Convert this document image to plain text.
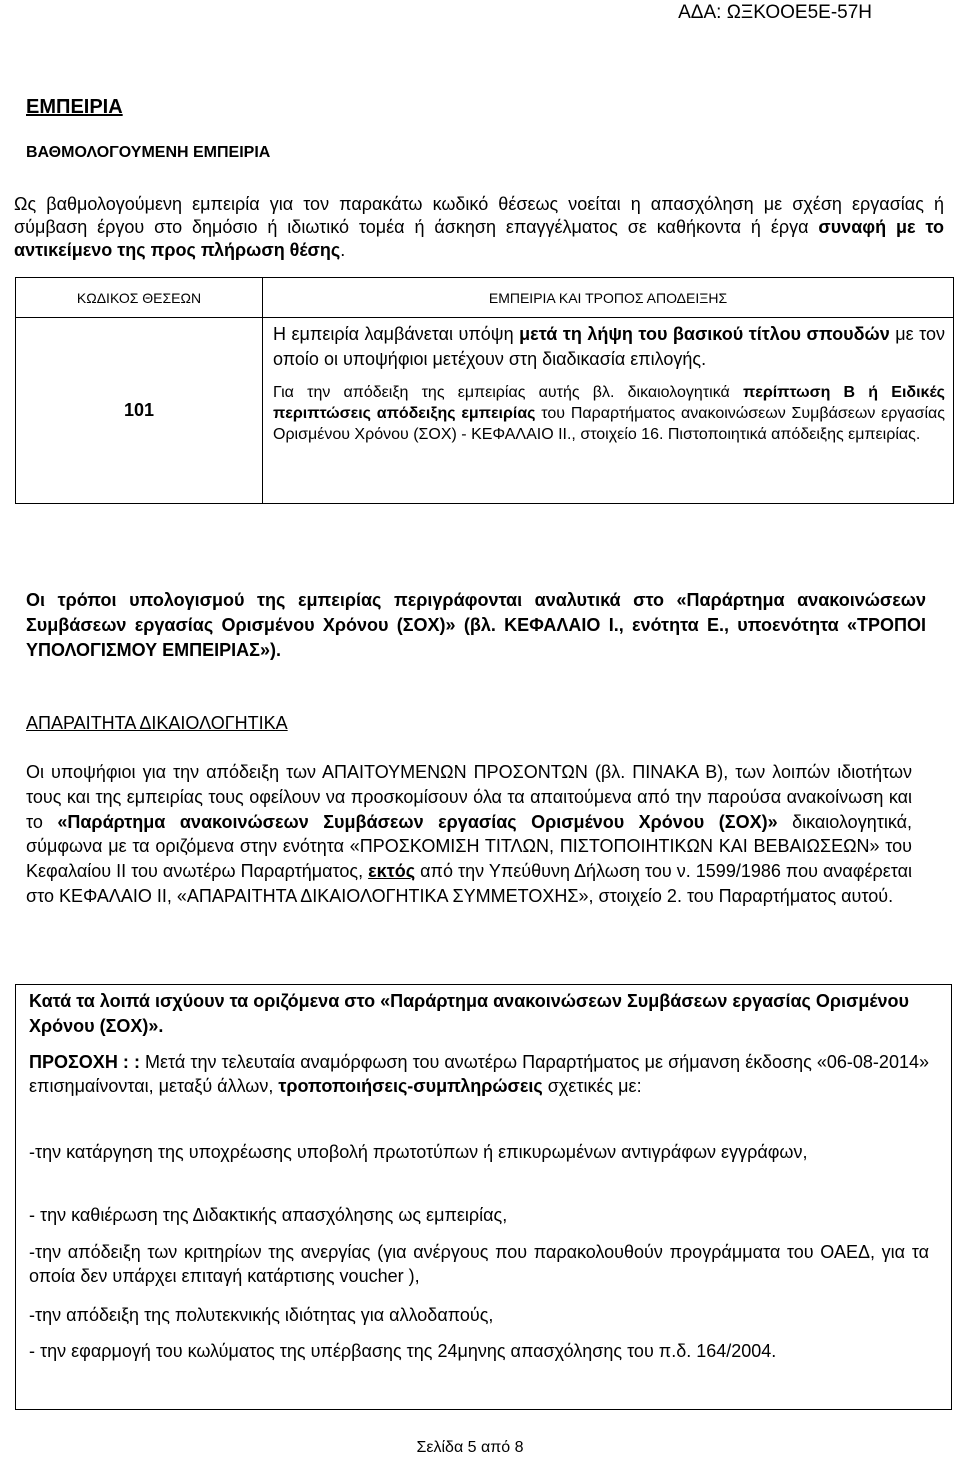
ΑΔΑ: ΩΞΚΟΟΕ5Ε-57Η
ΕΜΠΕΙΡΙΑ
ΒΑΘΜΟΛΟΓΟΥΜΕΝΗ ΕΜΠΕΙΡΙΑ
Ως βαθμολογούμενη εμπειρία για τον παρακάτω κωδικό θέσεως νοείται η απασχόληση με σχέση εργασίας ή σύμβαση έργου στο δημόσιο ή ιδιωτικό τομέα ή άσκηση επαγγέλματος σε καθήκοντα ή έργα συναφή με το αντικείμενο της προς πλήρωση θέσης.
ΚΩΔΙΚΟΣ ΘΕΣΕΩΝ	ΕΜΠΕΙΡΙΑ ΚΑΙ ΤΡΟΠΟΣ ΑΠΟΔΕΙΞΗΣ
101	Η εμπειρία λαμβάνεται υπόψη μετά τη λήψη του βασικού τίτλου σπουδών με τον οποίο οι υποψήφιοι μετέχουν στη διαδικασία επιλογής.
Για την απόδειξη της εμπειρίας αυτής βλ. δικαιολογητικά περίπτωση Β ή Ειδικές περιπτώσεις απόδειξης εμπειρίας του Παραρτήματος ανακοινώσεων Συμβάσεων εργασίας Ορισμένου Χρόνου (ΣΟΧ) - ΚΕΦΑΛΑΙΟ ΙΙ., στοιχείο 16. Πιστοποιητικά απόδειξης εμπειρίας.
Οι τρόποι υπολογισμού της εμπειρίας περιγράφονται αναλυτικά στο «Παράρτημα ανακοινώσεων Συμβάσεων εργασίας Ορισμένου Χρόνου (ΣΟΧ)» (βλ. ΚΕΦΑΛΑΙΟ Ι., ενότητα Ε., υποενότητα «ΤΡΟΠΟΙ ΥΠΟΛΟΓΙΣΜΟΥ ΕΜΠΕΙΡΙΑΣ»).
ΑΠΑΡΑΙΤΗΤΑ ΔΙΚΑΙΟΛΟΓΗΤΙΚΑ
Οι υποψήφιοι για την απόδειξη των ΑΠΑΙΤΟΥΜΕΝΩΝ ΠΡΟΣΟΝΤΩΝ (βλ. ΠΙΝΑΚΑ Β), των λοιπών ιδιοτήτων τους και της εμπειρίας τους οφείλουν να προσκομίσουν όλα τα απαιτούμενα από την παρούσα ανακοίνωση και το «Παράρτημα ανακοινώσεων Συμβάσεων εργασίας Ορισμένου Χρόνου (ΣΟΧ)» δικαιολογητικά, σύμφωνα με τα οριζόμενα στην ενότητα «ΠΡΟΣΚΟΜΙΣΗ ΤΙΤΛΩΝ, ΠΙΣΤΟΠΟΙΗΤΙΚΩΝ ΚΑΙ ΒΕΒΑΙΩΣΕΩΝ» του Κεφαλαίου ΙΙ του ανωτέρω Παραρτήματος, εκτός από την Υπεύθυνη Δήλωση του ν. 1599/1986 που αναφέρεται στο ΚΕΦΑΛΑΙΟ ΙΙ, «ΑΠΑΡΑΙΤΗΤΑ ΔΙΚΑΙΟΛΟΓΗΤΙΚΑ ΣΥΜΜΕΤΟΧΗΣ», στοιχείο 2. του Παραρτήματος αυτού.
Κατά τα λοιπά ισχύουν τα οριζόμενα στο «Παράρτημα ανακοινώσεων Συμβάσεων εργασίας Ορισμένου Χρόνου (ΣΟΧ)».
ΠΡΟΣΟΧΗ : : Μετά την τελευταία αναμόρφωση του ανωτέρω Παραρτήματος με σήμανση έκδοσης «06-08-2014» επισημαίνονται, μεταξύ άλλων, τροποποιήσεις-συμπληρώσεις σχετικές με:
-την κατάργηση της υποχρέωσης υποβολή πρωτοτύπων ή επικυρωμένων αντιγράφων εγγράφων,
- την καθιέρωση της Διδακτικής απασχόλησης ως εμπειρίας,
-την απόδειξη των κριτηρίων της ανεργίας (για ανέργους που παρακολουθούν προγράμματα του ΟΑΕΔ, για τα οποία δεν υπάρχει επιταγή κατάρτισης voucher ),
-την απόδειξη της πολυτεκνικής ιδιότητας για αλλοδαπούς,
- την εφαρμογή του κωλύματος της υπέρβασης της 24μηνης απασχόλησης του π.δ. 164/2004.
Σελίδα 5 από 8
